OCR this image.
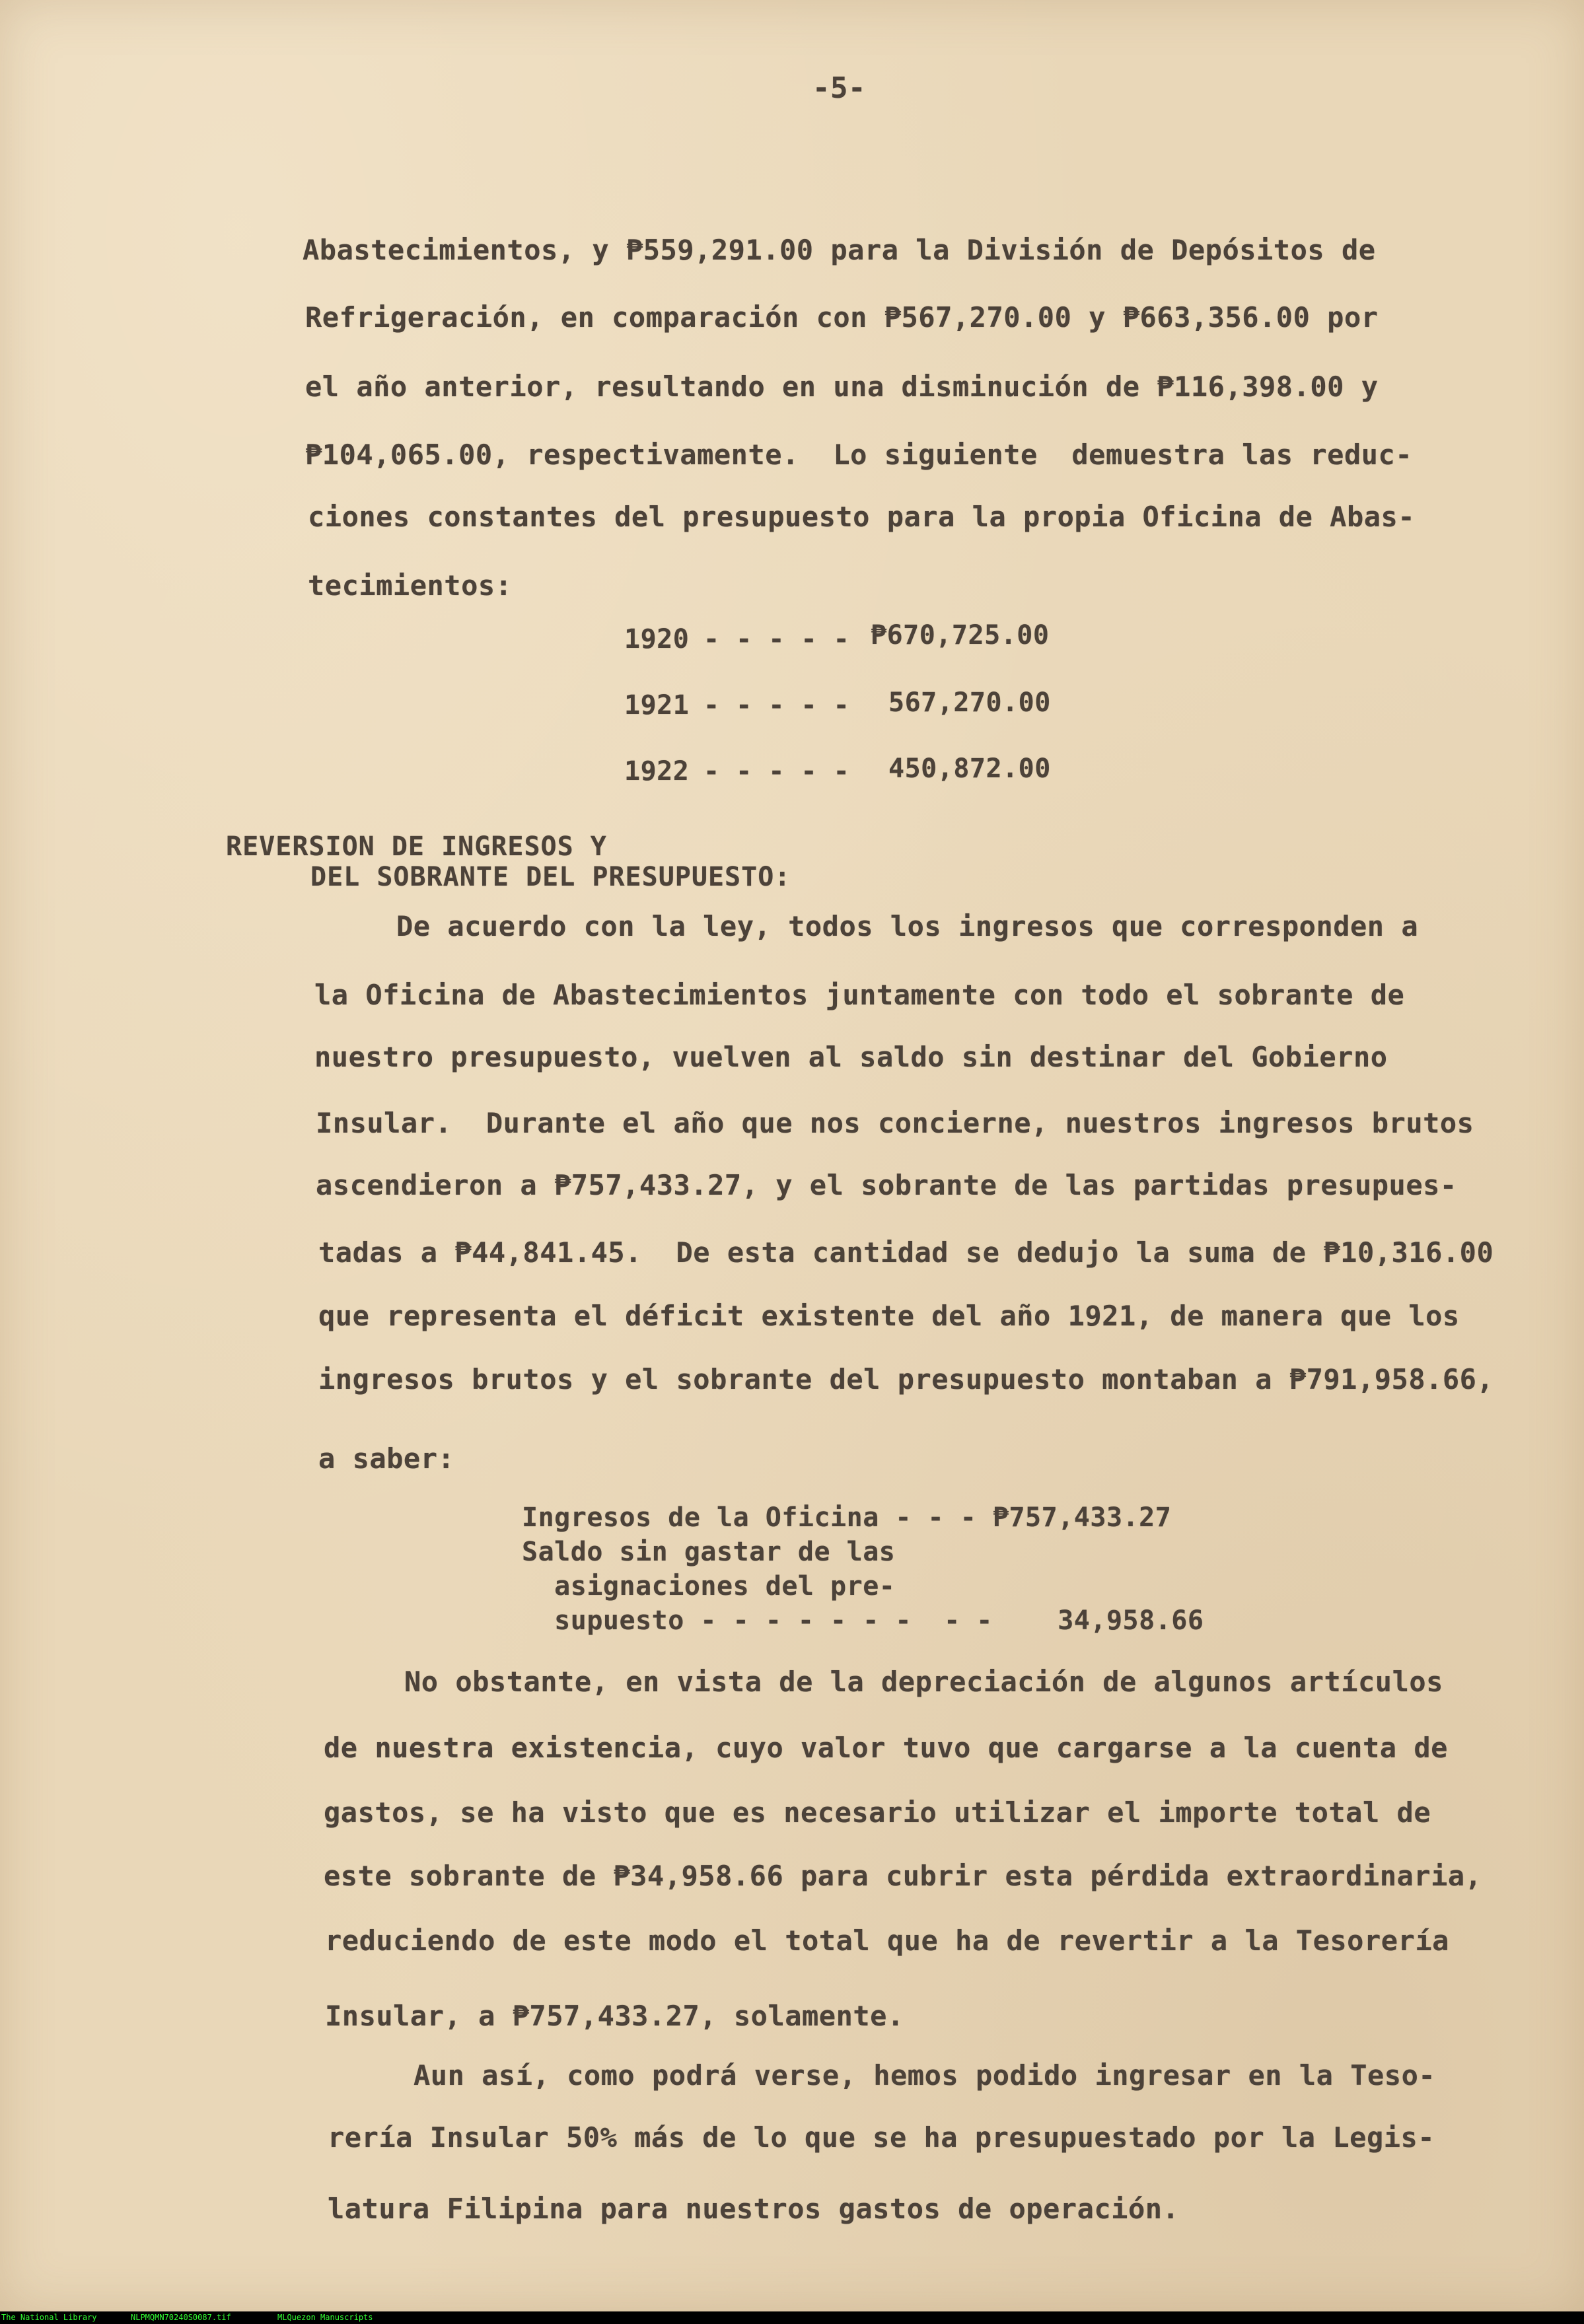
-5-
Abastecimientos, y ₱559,291.00 para la División de Depósitos de
Refrigeración, en comparación con ₱567,270.00 y ₱663,356.00 por
el año anterior, resultando en una disminución de ₱116,398.00 y
₱104,065.00, respectivamente.  Lo siguiente  demuestra las reduc-
ciones constantes del presupuesto para la propia Oficina de Abas-
tecimientos:
1920 - - - - - ₱670,725.00
1921 - - - - - 567,270.00
1922 - - - - - 450,872.00
REVERSION DE INGRESOS Y
DEL SOBRANTE DEL PRESUPUESTO:
De acuerdo con la ley, todos los ingresos que corresponden a
la Oficina de Abastecimientos juntamente con todo el sobrante de
nuestro presupuesto, vuelven al saldo sin destinar del Gobierno
Insular.  Durante el año que nos concierne, nuestros ingresos brutos
ascendieron a ₱757,433.27, y el sobrante de las partidas presupues-
tadas a ₱44,841.45.  De esta cantidad se dedujo la suma de ₱10,316.00
que representa el déficit existente del año 1921, de manera que los
ingresos brutos y el sobrante del presupuesto montaban a ₱791,958.66,
a saber:
Ingresos de la Oficina - - - ₱757,433.27
Saldo sin gastar de las
asignaciones del pre-
supuesto - - - - - - -  - -    34,958.66
No obstante, en vista de la depreciación de algunos artículos
de nuestra existencia, cuyo valor tuvo que cargarse a la cuenta de
gastos, se ha visto que es necesario utilizar el importe total de
este sobrante de ₱34,958.66 para cubrir esta pérdida extraordinaria,
reduciendo de este modo el total que ha de revertir a la Tesorería
Insular, a ₱757,433.27, solamente.
Aun así, como podrá verse, hemos podido ingresar en la Teso-
rería Insular 50% más de lo que se ha presupuestado por la Legis-
latura Filipina para nuestros gastos de operación.
The National Library	NLPMQMN70240S0087.tif	MLQuezon Manuscripts
